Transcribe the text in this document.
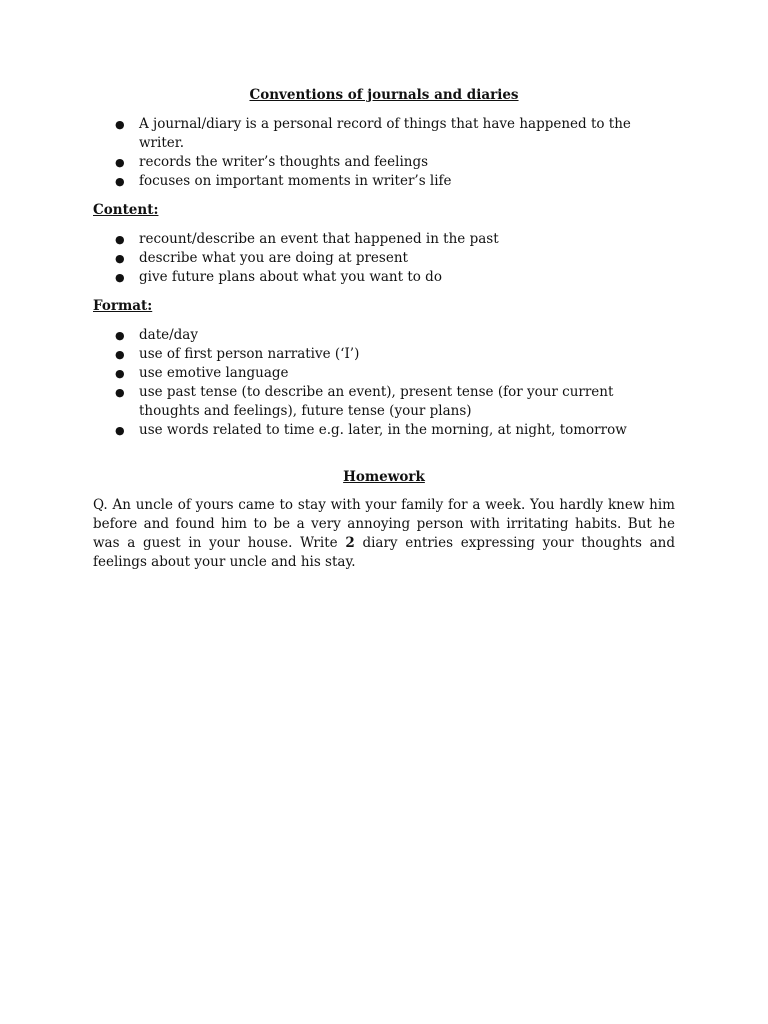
Conventions of journals and diaries
● A journal/diary is a personal record of things that have happened to the writer.
● records the writer’s thoughts and feelings
● focuses on important moments in writer’s life
Content:
● recount/describe an event that happened in the past
● describe what you are doing at present
● give future plans about what you want to do
Format:
● date/day
● use of first person narrative (‘I’)
● use emotive language
● use past tense (to describe an event), present tense (for your current thoughts and feelings), future tense (your plans)
● use words related to time e.g. later, in the morning, at night, tomorrow
Homework

Q. An uncle of yours came to stay with your family for a week. You hardly knew him before and found him to be a very annoying person with irritating habits. But he was a guest in your house. Write 2 diary entries expressing your thoughts and feelings about your uncle and his stay.
